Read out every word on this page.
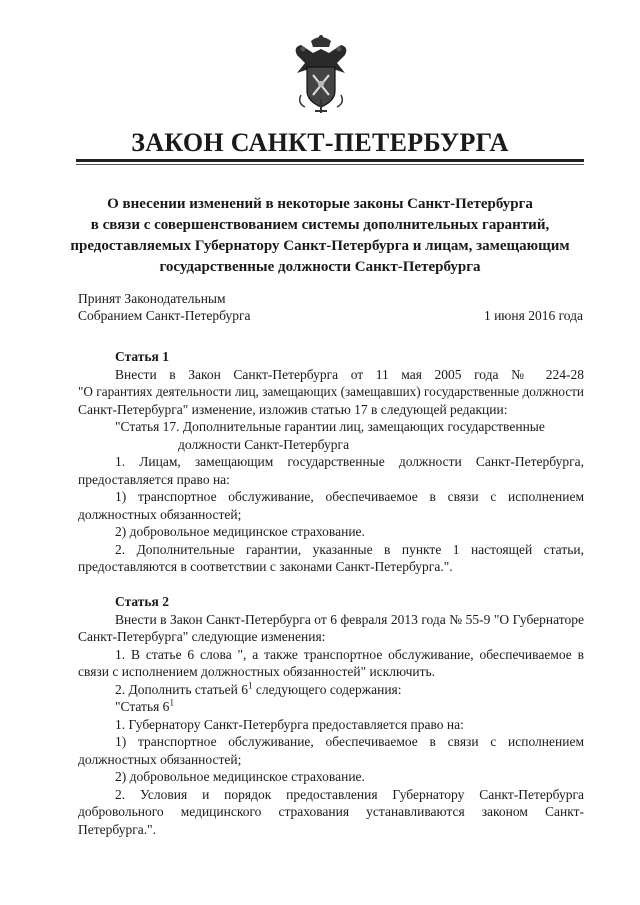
ЗАКОН САНКТ-ПЕТЕРБУРГА
О внесении изменений в некоторые законы Санкт-Петербурга
в связи с совершенствованием системы дополнительных гарантий,
предоставляемых Губернатору Санкт-Петербурга и лицам, замещающим
государственные должности Санкт-Петербурга
Принят Законодательным
Собранием Санкт-Петербурга	1 июня 2016 года

Статья 1

Внести в Закон Санкт-Петербурга от 11 мая 2005 года № 224-28

"О гарантиях деятельности лиц, замещающих (замещавших) государственные должности

Санкт-Петербурга" изменение, изложив статью 17 в следующей редакции:

"Статья 17. Дополнительные гарантии лиц, замещающих государственные

должности Санкт-Петербурга

1. Лицам, замещающим государственные должности Санкт-Петербурга,

предоставляется право на:

1) транспортное обслуживание, обеспечиваемое в связи с исполнением должностных обязанностей;

2) добровольное медицинское страхование.

2. Дополнительные гарантии, указанные в пункте 1 настоящей статьи,

предоставляются в соответствии с законами Санкт-Петербурга.".

Статья 2

Внести в Закон Санкт-Петербурга от 6 февраля 2013 года № 55-9 "О Губернаторе Санкт-Петербурга" следующие изменения:

1. В статье 6 слова ", а также транспортное обслуживание, обеспечиваемое в связи с исполнением должностных обязанностей" исключить.

2. Дополнить статьей $6^1$ следующего содержания:

"Статья $6^1$

1. Губернатору Санкт-Петербурга предоставляется право на:

1) транспортное обслуживание, обеспечиваемое в связи с исполнением должностных обязанностей;

2) добровольное медицинское страхование.

2. Условия и порядок предоставления Губернатору Санкт-Петербурга добровольного медицинского страхования устанавливаются законом Санкт-Петербурга.".
